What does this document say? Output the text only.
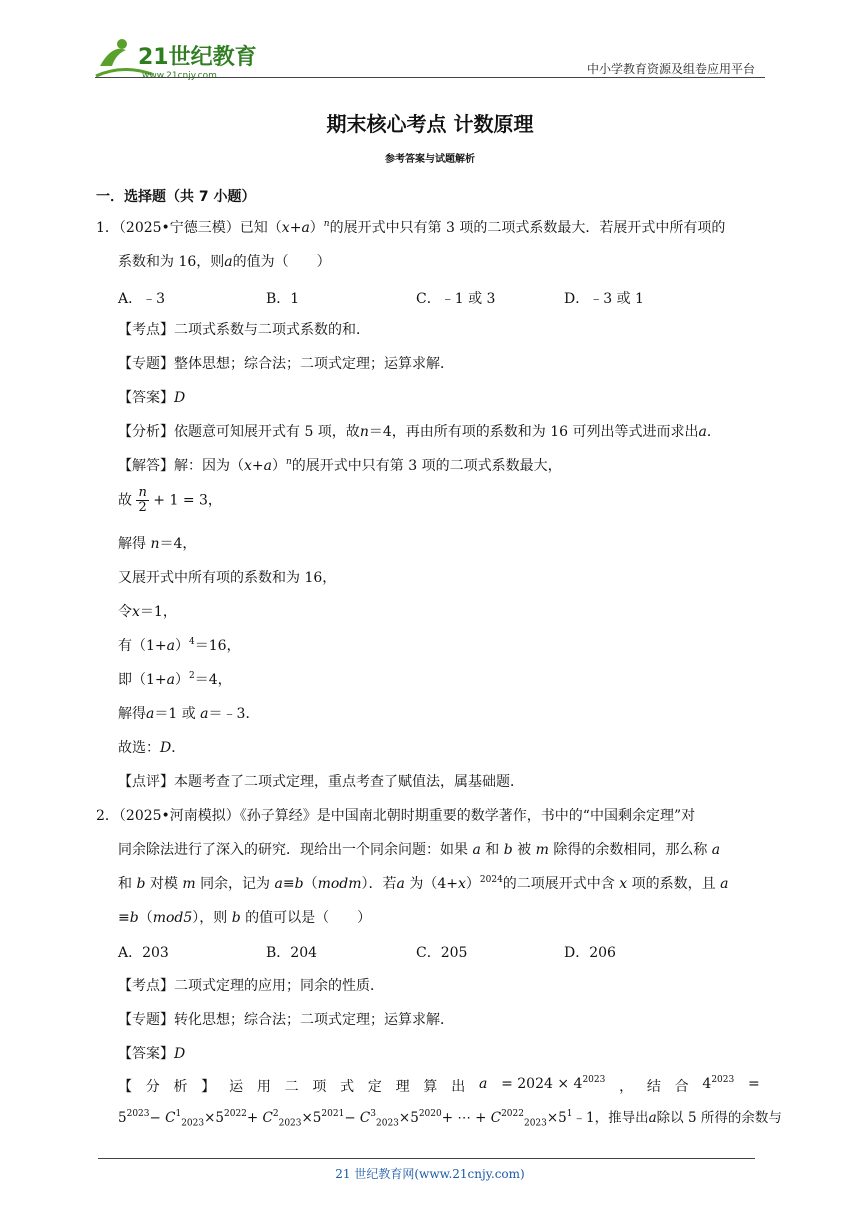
21世纪教育
www.21cnjy.com	中小学教育资源及组卷应用平台
期末核心考点 计数原理
参考答案与试题解析
一．选择题（共 7 小题）
1．（2025•宁德三模）已知$(x+a)^n$的展开式中只有第 3 项的二项式系数最大．若展开式中所有项的
系数和为 16，则a的值为（　　）
A．﹣3	B．1	C．﹣1 或 3	D．﹣3 或 1
【考点】二项式系数与二项式系数的和．
【专题】整体思想；综合法；二项式定理；运算求解．
【答案】D
【分析】依题意可知展开式有 5 项，故n＝4，再由所有项的系数和为 16 可列出等式进而求出a．
【解答】解：因为$(x+a)^n$的展开式中只有第 3 项的二项式系数最大，
故 $\frac{n}{2} + 1 = 3$，
解得 n＝4，
又展开式中所有项的系数和为 16，
令x＝1，
有$(1+a)^4=16$，
即$(1+a)^2=4$，
解得a＝1 或 a＝﹣3．
故选：D．
【点评】本题考查了二项式定理，重点考查了赋值法，属基础题．
2．（2025•河南模拟）《孙子算经》是中国南北朝时期重要的数学著作，书中的“中国剩余定理”对
同余除法进行了深入的研究．现给出一个同余问题：如果 a 和 b 被 m 除得的余数相同，那么称 a
和 b 对模 m 同余，记为 a≡b（modm）．若a 为$(4+x)^{2024}$的二项展开式中含 x 项的系数，且 a
≡b（mod5），则 b 的值可以是（　　）
A．203	B．204	C．205	D．206
【考点】二项式定理的应用；同余的性质．
【专题】转化思想；综合法；二项式定理；运算求解．
【答案】D
【 分 析 】 运 用 二 项 式 定 理 算 出 $a = 2024 \times 4^{2023}$ ， 结 合 $4^{2023}$ =
$5^{2023}- C^1_{2023}\times 5^{2022}+ C^2_{2023}\times 5^{2021}- C^3_{2023}\times 5^{2020}+$ ⋯ + $C^{2022}_{2023}\times 5^1﹣1$，推导出a除以 5 所得的余数与
21 世纪教育网(www.21cnjy.com)
